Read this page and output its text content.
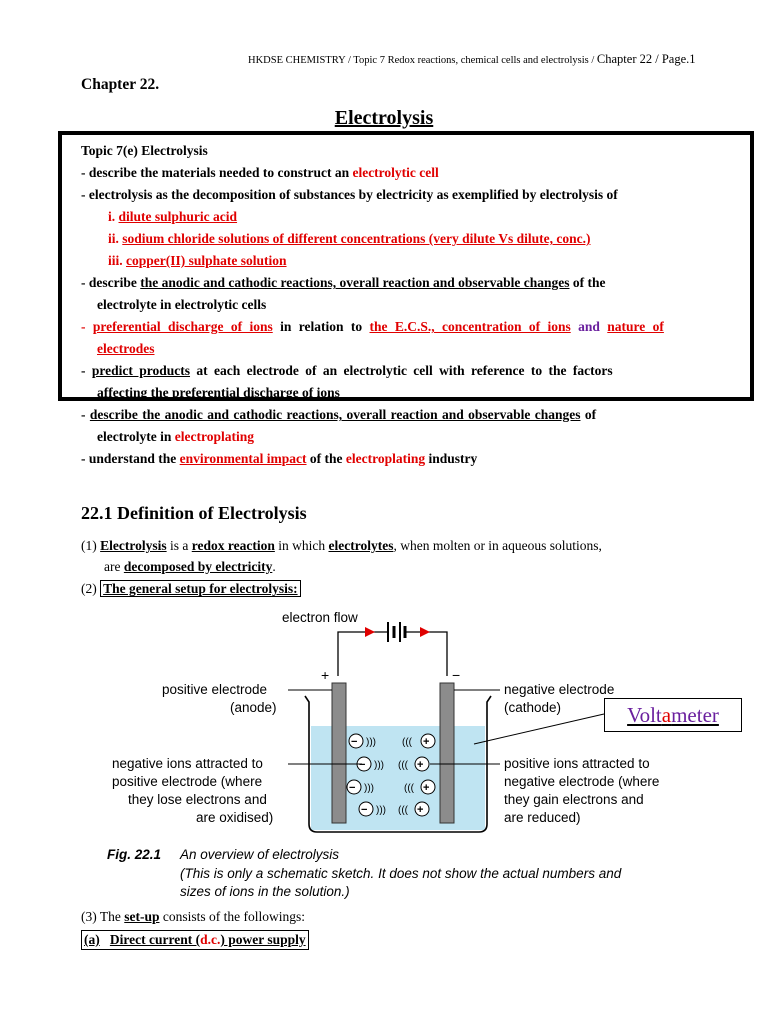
HKDSE CHEMISTRY / Topic 7 Redox reactions, chemical cells and electrolysis / Chapter 22 / Page.1
Chapter 22.
Electrolysis
Topic 7(e) Electrolysis
- describe the materials needed to construct an electrolytic cell
- electrolysis as the decomposition of substances by electricity as exemplified by electrolysis of
i. dilute sulphuric acid
ii. sodium chloride solutions of different concentrations (very dilute Vs dilute, conc.)
iii. copper(II) sulphate solution
- describe the anodic and cathodic reactions, overall reaction and observable changes of the
electrolyte in electrolytic cells
- preferential discharge of ions in relation to the E.C.S., concentration of ions and nature of
electrodes
- predict products at each electrode of an electrolytic cell with reference to the factors
affecting the preferential discharge of ions
- describe the anodic and cathodic reactions, overall reaction and observable changes of
electrolyte in electroplating
- understand the environmental impact of the electroplating industry
22.1 Definition of Electrolysis
(1) Electrolysis is a redox reaction in which electrolytes, when molten or in aqueous solutions,
are decomposed by electricity.
(2) The general setup for electrolysis:
electron flow
+	−
− )))
− )))
− )))
− )))
((( +
((( +
((( +
((( +
positive electrode
(anode)
negative ions attracted to
positive electrode (where
they lose electrons and
are oxidised)
negative electrode
(cathode)
positive ions attracted to
negative electrode (where
they gain electrons and
are reduced)
Fig. 22.1 An overview of electrolysis
(This is only a schematic sketch. It does not show the actual numbers and
sizes of ions in the solution.)
Voltameter
(3) The set-up consists of the followings:
(a) Direct current (d.c.) power supply
